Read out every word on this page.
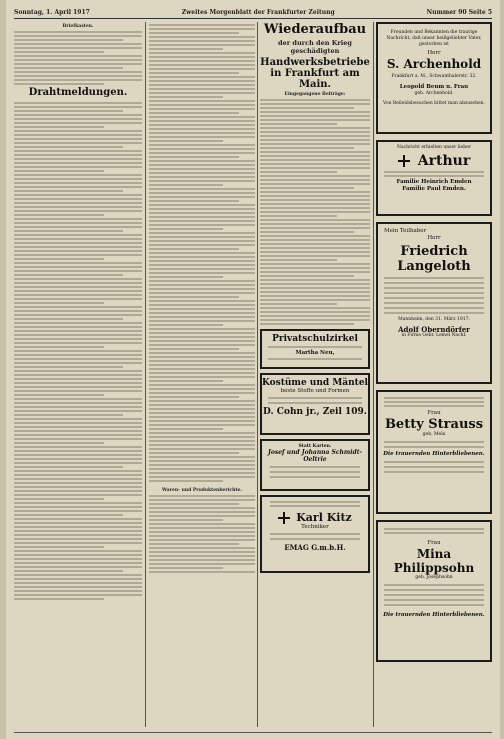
Sonntag, 1. April 1917	Zweites Morgenblatt der Frankfurter Zeitung	Nummer 90 Seite 5
Briefkasten.
Drahtmeldungen.
Waren- und Produktenberichte.
Wiederaufbau
der durch den Krieg geschädigten
Handwerksbetriebe
in Frankfurt am Main.
Eingegangene Beiträge:
Privatschulzirkel
Martha Neu,
Kostüme und Mäntel
beste Stoffe und Formen
D. Cohn jr., Zeil 109.
Statt Karten.
Josef und Johanna Schmidt-Oeltrie
Karl Kitz
Techniker
EMAG G.m.b.H.
Freunden und Bekannten die traurige Nachricht, daß unser heißgeliebter Vater, gestorben ist
Herr
S. Archenhold
Frankfurt a. M., Schwanthalerstr. 32.
Leopold Beum u. Frau
geb. Archenhold.
Von Beileidsbesuchen bittet man abzusehen.
Nachricht erhielten unser lieber
Arthur
Familie Heinrich Emden
Familie Paul Emden.
Mein Teilhaber
Herr
Friedrich Langeloth
Mannheim, den 31. März 1917.
Adolf Oberndörfer
in Firma Gebr. Lemel Nachf.
Frau
Betty Strauss
geb. Mela
Die trauernden Hinterbliebenen.
Frau
Mina Philippsohn
geb. Josephsohn
Die trauernden Hinterbliebenen.
